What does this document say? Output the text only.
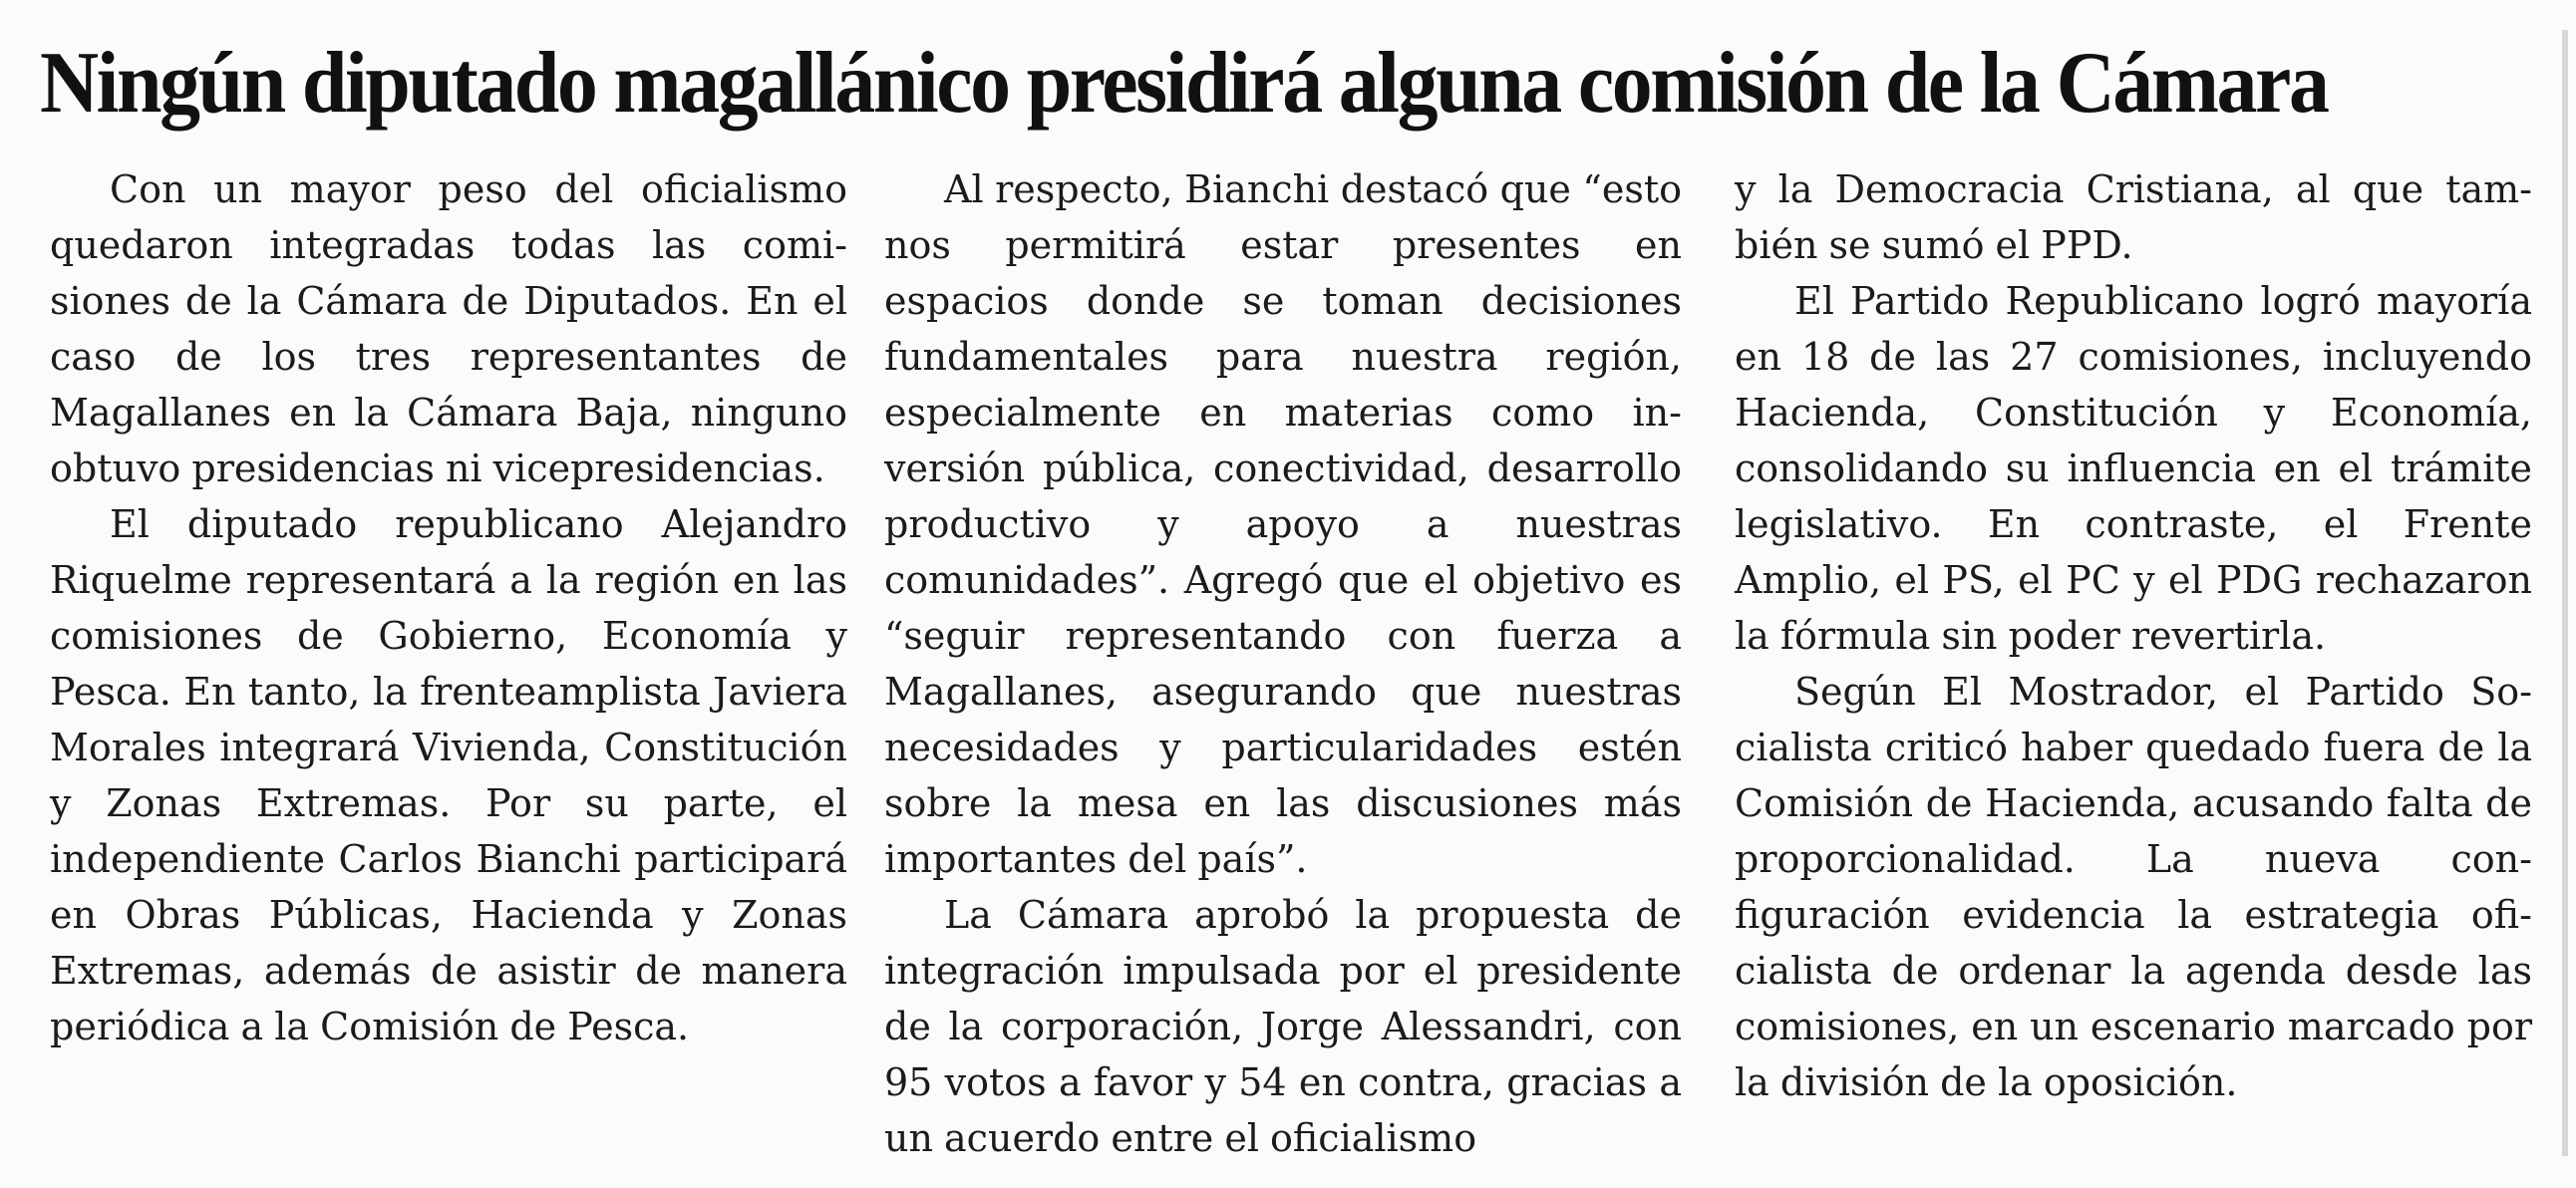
Ningún diputado magallánico presidirá alguna comisión de la Cámara

Con un mayor peso del oficialismo quedaron integradas todas las comisiones de la Cámara de Diputados. En el caso de los tres representantes de Magallanes en la Cámara Baja, ninguno obtuvo presidencias ni vicepresidencias.

El diputado republicano Alejandro Riquelme representará a la región en las comisiones de Gobierno, Economía y Pesca. En tanto, la frenteamplista Javiera Morales integrará Vivienda, Constitución y Zonas Extremas. Por su parte, el independiente Carlos Bianchi participará en Obras Públicas, Hacienda y Zonas Extremas, además de asistir de manera periódica a la Comisión de Pesca.

Al respecto, Bianchi destacó que “esto nos permitirá estar presentes en espacios donde se toman decisiones fundamentales para nuestra región, especialmente en materias como inversión pública, conectividad, desarrollo productivo y apoyo a nuestras comunidades”. Agregó que el objetivo es “seguir representando con fuerza a Magallanes, asegurando que nuestras necesidades y particularidades estén sobre la mesa en las discusiones más importantes del país”.

La Cámara aprobó la propuesta de integración impulsada por el presidente de la corporación, Jorge Alessandri, con 95 votos a favor y 54 en contra, gracias a un acuerdo entre el oficialismo

y la Democracia Cristiana, al que también se sumó el PPD.

El Partido Republicano logró mayoría en 18 de las 27 comisiones, incluyendo Hacienda, Constitución y Economía, consolidando su influencia en el trámite legislativo. En contraste, el Frente Amplio, el PS, el PC y el PDG rechazaron la fórmula sin poder revertirla.

Según El Mostrador, el Partido Socialista criticó haber quedado fuera de la Comisión de Hacienda, acusando falta de proporcionalidad. La nueva configuración evidencia la estrategia oficialista de ordenar la agenda desde las comisiones, en un escenario marcado por la división de la oposición.
